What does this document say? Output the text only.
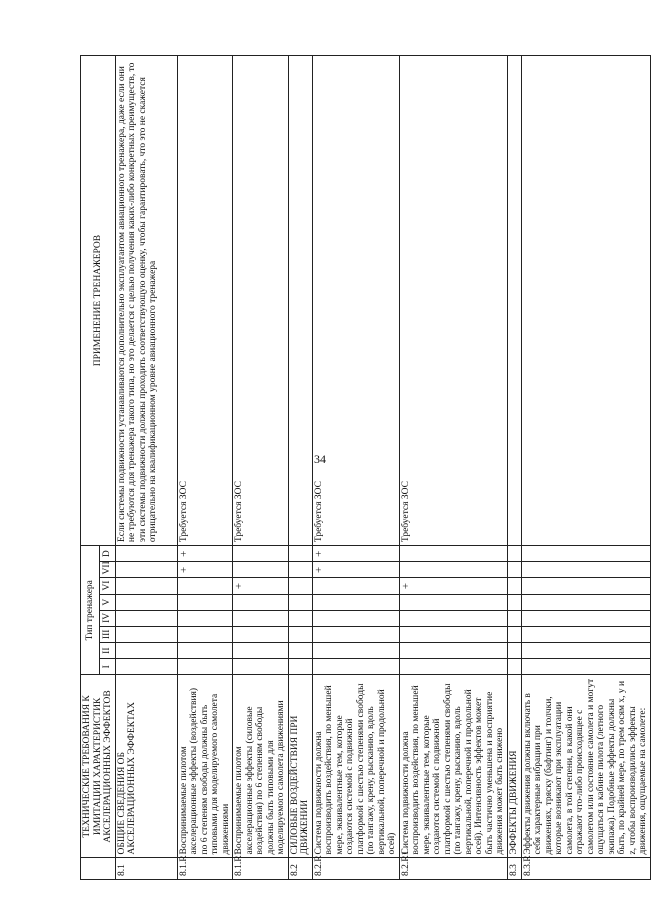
34
	ТЕХНИЧЕСКИЕ ТРЕБОВАНИЯ К ИМИТАЦИИ ХАРАКТЕРИСТИК АКСЕЛЕРАЦИОННЫХ ЭФФЕКТОВ	Тип тренажера								ПРИМЕНЕНИЕ ТРЕНАЖЕРОВ
		I	II	III	IV	V	VI	VII	D	
8.1	ОБЩИЕ СВЕДЕНИЯ ОБ АКСЕЛЕРАЦИОННЫХ ЭФФЕКТАХ									Если системы подвижности устанавливаются дополнительно эксплуатантом авиационного тренажера, даже если они не требуются для тренажера такого типа, но это делается с целью получения каких-либо конкретных преимуществ, то эти системы подвижности должны проходить соответствующую оценку, чтобы гарантировать, что это не скажется отрицательно на квалификационном уровне авиационного тренажера
8.1.R	Воспринимаемые пилотом акселерационные эффекты (воздействия) по 6 степеням свободы должны быть типовыми для моделируемого самолета движениями							+	+	Требуется ЗОС
8.1.R1	Воспринимаемые пилотом акселерационные эффекты (силовые воздействия) по 6 степеням свободы должны быть типовыми для моделируемого самолета движениями						+			Требуется ЗОС
8.2	СИЛОВЫЕ ВОЗДЕЙСТВИЯ ПРИ ДВИЖЕНИИ									
8.2.R	Система подвижности должна воспроизводить воздействия, по меньшей мере, эквивалентные тем, которые создаются системой с подвижной платформой с шестью степенями свободы (по тангажу, крену, рысканию, вдоль вертикальной, поперечной и продольной осей)							+	+	Требуется ЗОС
8.2.R1	Система подвижности должна воспроизводить воздействия, по меньшей мере, эквивалентные тем, которые создаются системой с подвижной платформой с шестью степенями свободы (по тангажу, крену, рысканию, вдоль вертикальной, поперечной и продольной осей). Интенсивность эффектов может быть частично уменьшена и восприятие движения может быть снижено						+			Требуется ЗОС
8.3	ЭФФЕКТЫ ДВИЖЕНИЯ									
8.3.R	Эффекты движения должны включать в себя характерные вибрации при движениях, тряску (бафтинг) и толчки, которые возникают при эксплуатации самолета, в той степени, в какой они отражают что-либо происходящее с самолетом или состояние самолета и могут ощущаться в кабине пилота (летного экипажа). Подобные эффекты должны быть, по крайней мере, по трем осям x, y и z, чтобы воспроизводились эффекты движения, ощущаемые на самолете:									
